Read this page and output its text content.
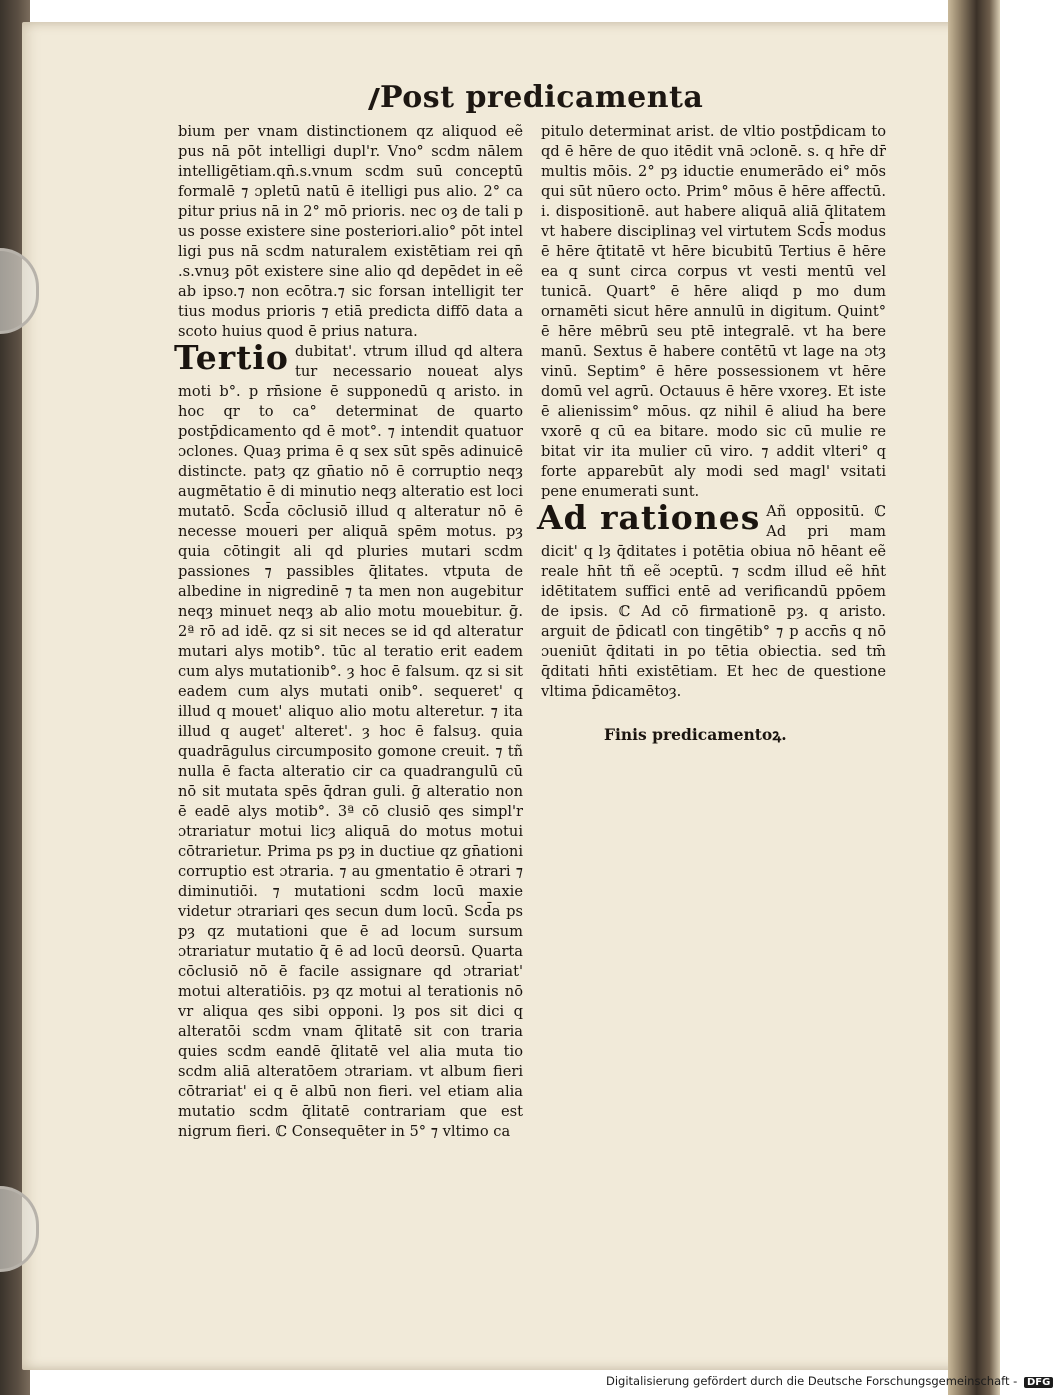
Post predicamenta

bium per vnam distinctionem qz aliquod eẽ pus nā pōt intelligi dupl'r. Vno° scdm nālem intelligētiam.qn̄.s.vnum scdm suū conceptū formalē ⁊ ɔpletū natū ē itelligi pus alio. 2° ca pitur prius nā in 2° mō prioris. nec oȝ de tali p us posse existere sine posteriori.alio° pōt intel ligi pus nā scdm naturalem existētiam rei qn̄ .s.vnuȝ pōt existere sine alio qd depēdet in eẽ ab ipso.⁊ non ecōtra.⁊ sic forsan intelligit ter tius modus prioris ⁊ etiā predicta diffō data a scoto huius quod ē prius natura.

Tertio dubitat'. vtrum illud qd altera tur necessario noueat alys moti b°. p rn̄sione ē supponedū q aristo. in hoc qr to ca° determinat de quarto postp̄dicamento qd ē mot°. ⁊ intendit quatuor ɔclones. Quaȝ prima ē q sex sūt spēs adinuicē distincte. patȝ qz gn̄atio nō ē corruptio neqȝ augmētatio ē di minutio neqȝ alteratio est loci mutatō. Scd̄a cōclusiō illud q alteratur nō ē necesse moueri per aliquā spēm motus. pȝ quia cōtingit ali qd pluries mutari scdm passiones ⁊ passibles q̄litates. vtputa de albedine in nigredinē ⁊ ta men non augebitur neqȝ minuet neqȝ ab alio motu mouebitur. ḡ. 2ª rō ad idē. qz si sit neces se id qd alteratur mutari alys motib°. tūc al teratio erit eadem cum alys mutationib°. ȝ hoc ē falsum. qz si sit eadem cum alys mutati onib°. sequeret' q illud q mouet' aliquo alio motu alteretur. ⁊ ita illud q auget' alteret'. ȝ hoc ē falsuȝ. quia quadrāgulus circumposito gomone creuit. ⁊ tñ nulla ē facta alteratio cir ca quadrangulū cū nō sit mutata spēs q̄dran guli. ḡ alteratio non ē eadē alys motib°. 3ª cō clusiō qes simpl'r ɔtrariatur motui licȝ aliquā do motus motui cōtrarietur. Prima ps pȝ in ductiue qz gn̄ationi corruptio est ɔtraria. ⁊ au gmentatio ē ɔtrari ⁊ diminutiōi. ⁊ mutationi scdm locū maxie videtur ɔtrariari qes secun dum locū. Scd̄a ps pȝ qz mutationi que ē ad locum sursum ɔtrariatur mutatio q̄ ē ad locū deorsū. Quarta cōclusiō nō ē facile assignare qd ɔtrariat' motui alteratiōis. pȝ qz motui al terationis nō vr aliqua qes sibi opponi. lȝ pos sit dici q alteratōi scdm vnam q̄litatē sit con traria quies scdm eandē q̄litatē vel alia muta tio scdm aliā alteratōem ɔtrariam. vt album fieri cōtrariat' ei q ē albū non fieri. vel etiam alia mutatio scdm q̄litatē contrariam que est nigrum fieri. ℂ Consequēter in 5° ⁊ vltimo ca

pitulo determinat arist. de vltio postp̄dicam to qd ē hēre de quo itēdit vnā ɔclonē. s. q hr̄e dr̄ multis mōis. 2° pȝ iductie enumerādo ei° mōs qui sūt nūero octo. Prim° mōus ē hēre affectū. i. dispositionē. aut habere aliquā aliā q̄litatem vt habere disciplinaȝ vel virtutem Scd̄s modus ē hēre q̄titatē vt hēre bicubitū Tertius ē hēre ea q sunt circa corpus vt vesti mentū vel tunicā. Quart° ē hēre aliqd p mo dum ornamēti sicut hēre annulū in digitum. Quint° ē hēre mēbrū seu ptē integralē. vt ha bere manū. Sextus ē habere contētū vt lage na ɔtȝ vinū. Septim° ē hēre possessionem vt hēre domū vel agrū. Octauus ē hēre vxoreȝ. Et iste ē alienissim° mōus. qz nihil ē aliud ha bere vxorē q cū ea bitare. modo sic cū mulie re bitat vir ita mulier cū viro. ⁊ addit vlteri° q forte apparebūt aly modi sed magl' vsitati pene enumerati sunt.

Ad rationes Añ oppositū. ℂ Ad pri mam dicit' q lȝ q̄ditates i potētia obiua nō hēant eẽ reale hn̄t tñ eẽ ɔceptū. ⁊ scdm illud eẽ hn̄t idētitatem suffici entē ad verificandū ppōem de ipsis. ℂ Ad cō firmationē pȝ. q aristo. arguit de p̄dicatl con tingētib° ⁊ p accn̄s q nō ɔueniūt q̄ditati in po tētia obiectia. sed tm̄ q̄ditati hn̄ti existētiam. Et hec de questione vltima p̄dicamētoȝ.

Finis predicamentoꝝ.
Digitalisierung gefördert durch die Deutsche Forschungsgemeinschaft - DFG
